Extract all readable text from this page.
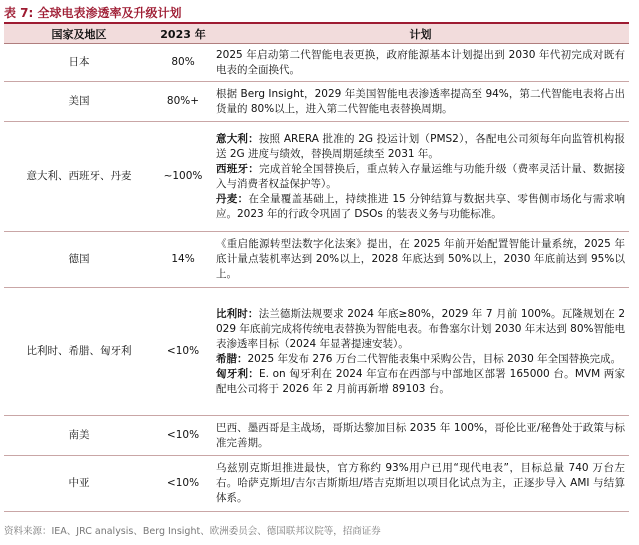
表 7: 全球电表渗透率及升级计划
国家及地区	2023 年	计划
日本	80%	2025 年启动第二代智能电表更换，政府能源基本计划提出到 2030 年代初完成对既有电表的全面换代。
美国	80%+	根据 Berg Insight，2029 年美国智能电表渗透率提高至 94%，第二代智能电表将占出货量的 80%以上，进入第二代智能电表替换周期。
意大利、西班牙、丹麦	~100%	意大利：按照 ARERA 批准的 2G 投运计划（PMS2），各配电公司须每年向监管机构报送 2G 进度与绩效，替换周期延续至 2031 年。
西班牙：完成首轮全国替换后，重点转入存量运维与功能升级（费率灵活计量、数据接入与消费者权益保护等）。
丹麦：在全量覆盖基础上，持续推进 15 分钟结算与数据共享、零售侧市场化与需求响应。2023 年的行政令巩固了 DSOs 的装表义务与功能标准。

德国	14%	《重启能源转型法数字化法案》提出，在 2025 年前开始配置智能计量系统，2025 年底计量点装机率达到 20%以上，2028 年底达到 50%以上，2030 年底前达到 95%以上。
比利时、希腊、匈牙利	<10%	比利时：法兰德斯法规要求 2024 年底≥80%，2029 年 7 月前 100%。瓦隆规划在 2029 年底前完成将传统电表替换为智能电表。布鲁塞尔计划 2030 年末达到 80%智能电表渗透率目标（2024 年显著提速安装）。
希腊：2025 年发布 276 万台二代智能表集中采购公告，目标 2030 年全国替换完成。
匈牙利：E. on 匈牙利在 2024 年宣布在西部与中部地区部署 165000 台。MVM 两家配电公司将于 2026 年 2 月前再新增 89103 台。

南美	<10%	巴西、墨西哥是主战场，哥斯达黎加目标 2035 年 100%，哥伦比亚/秘鲁处于政策与标准完善期。
中亚	<10%	乌兹别克斯坦推进最快，官方称约 93%用户已用“现代电表”，目标总量 740 万台左右。哈萨克斯坦/吉尔吉斯斯坦/塔吉克斯坦以项目化试点为主，正逐步导入 AMI 与结算体系。
资料来源：IEA、JRC analysis、Berg Insight、欧洲委员会、德国联邦议院等，招商证券
